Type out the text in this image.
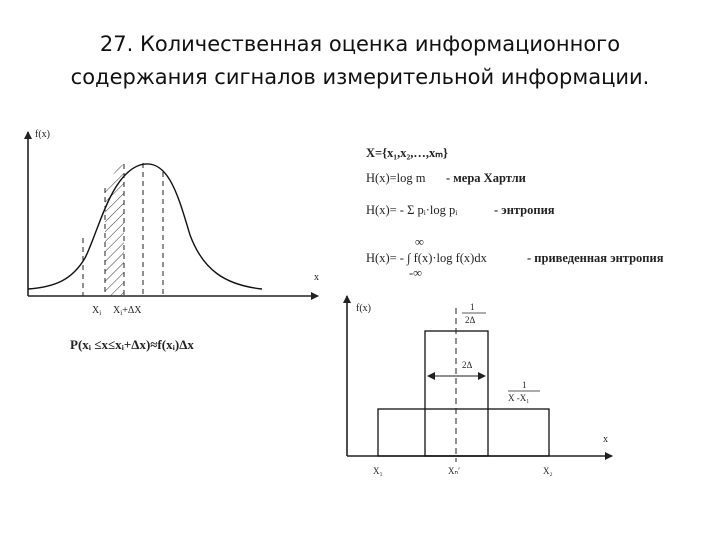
27. Количественная оценка информационного
содержания сигналов измерительной информации.
f(x)
x
$X_i$ $X_i+\Delta X$
P(xᵢ ≤x≤xᵢ+Δx)≈f(xᵢ)Δx
X={x₁,x₂,…,xₘ}
H(x)=log m - мера Хартли
H(x)= - Σ pᵢ·log pᵢ	- энтропия
∞
H(x)= - ∫ f(x)·log f(x)dx	- приведенная энтропия
-∞
f(x)
x
2Δ
1
2Δ
1
X -X₁
X₁	Xₙ′	X₂
